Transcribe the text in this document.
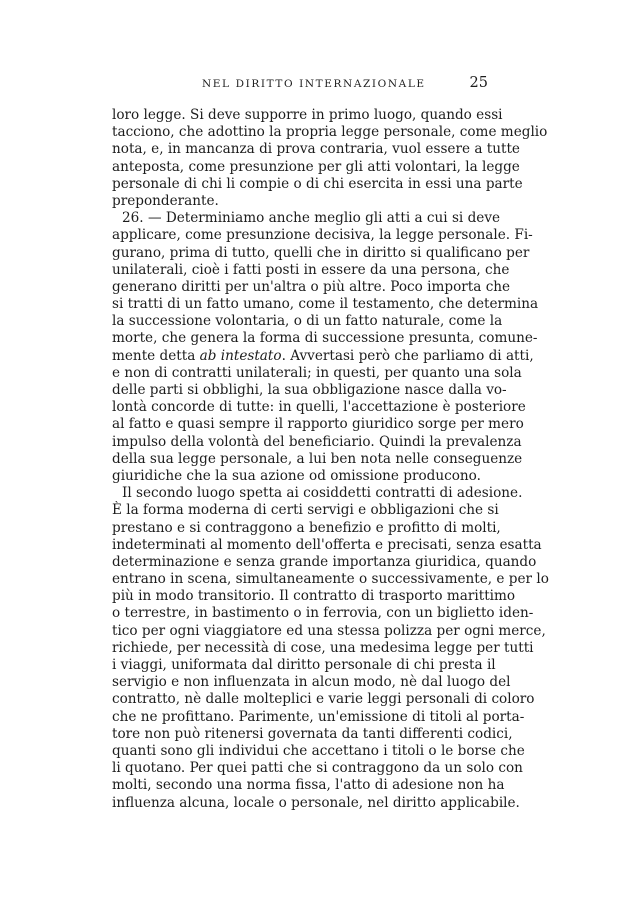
NEL DIRITTO INTERNAZIONALE	25
loro legge. Si deve supporre in primo luogo, quando essi
tacciono, che adottino la propria legge personale, come meglio
nota, e, in mancanza di prova contraria, vuol essere a tutte
anteposta, come presunzione per gli atti volontari, la legge
personale di chi li compie o di chi esercita in essi una parte
preponderante.
26. — Determiniamo anche meglio gli atti a cui si deve
applicare, come presunzione decisiva, la legge personale. Fi-
gurano, prima di tutto, quelli che in diritto si qualificano per
unilaterali, cioè i fatti posti in essere da una persona, che
generano diritti per un'altra o più altre. Poco importa che
si tratti di un fatto umano, come il testamento, che determina
la successione volontaria, o di un fatto naturale, come la
morte, che genera la forma di successione presunta, comune-
mente detta ab intestato. Avvertasi però che parliamo di atti,
e non di contratti unilaterali; in questi, per quanto una sola
delle parti si obblighi, la sua obbligazione nasce dalla vo-
lontà concorde di tutte: in quelli, l'accettazione è posteriore
al fatto e quasi sempre il rapporto giuridico sorge per mero
impulso della volontà del beneficiario. Quindi la prevalenza
della sua legge personale, a lui ben nota nelle conseguenze
giuridiche che la sua azione od omissione producono.
Il secondo luogo spetta ai cosiddetti contratti di adesione.
È la forma moderna di certi servigi e obbligazioni che si
prestano e si contraggono a benefizio e profitto di molti,
indeterminati al momento dell'offerta e precisati, senza esatta
determinazione e senza grande importanza giuridica, quando
entrano in scena, simultaneamente o successivamente, e per lo
più in modo transitorio. Il contratto di trasporto marittimo
o terrestre, in bastimento o in ferrovia, con un biglietto iden-
tico per ogni viaggiatore ed una stessa polizza per ogni merce,
richiede, per necessità di cose, una medesima legge per tutti
i viaggi, uniformata dal diritto personale di chi presta il
servigio e non influenzata in alcun modo, nè dal luogo del
contratto, nè dalle molteplici e varie leggi personali di coloro
che ne profittano. Parimente, un'emissione di titoli al porta-
tore non può ritenersi governata da tanti differenti codici,
quanti sono gli individui che accettano i titoli o le borse che
li quotano. Per quei patti che si contraggono da un solo con
molti, secondo una norma fissa, l'atto di adesione non ha
influenza alcuna, locale o personale, nel diritto applicabile.
